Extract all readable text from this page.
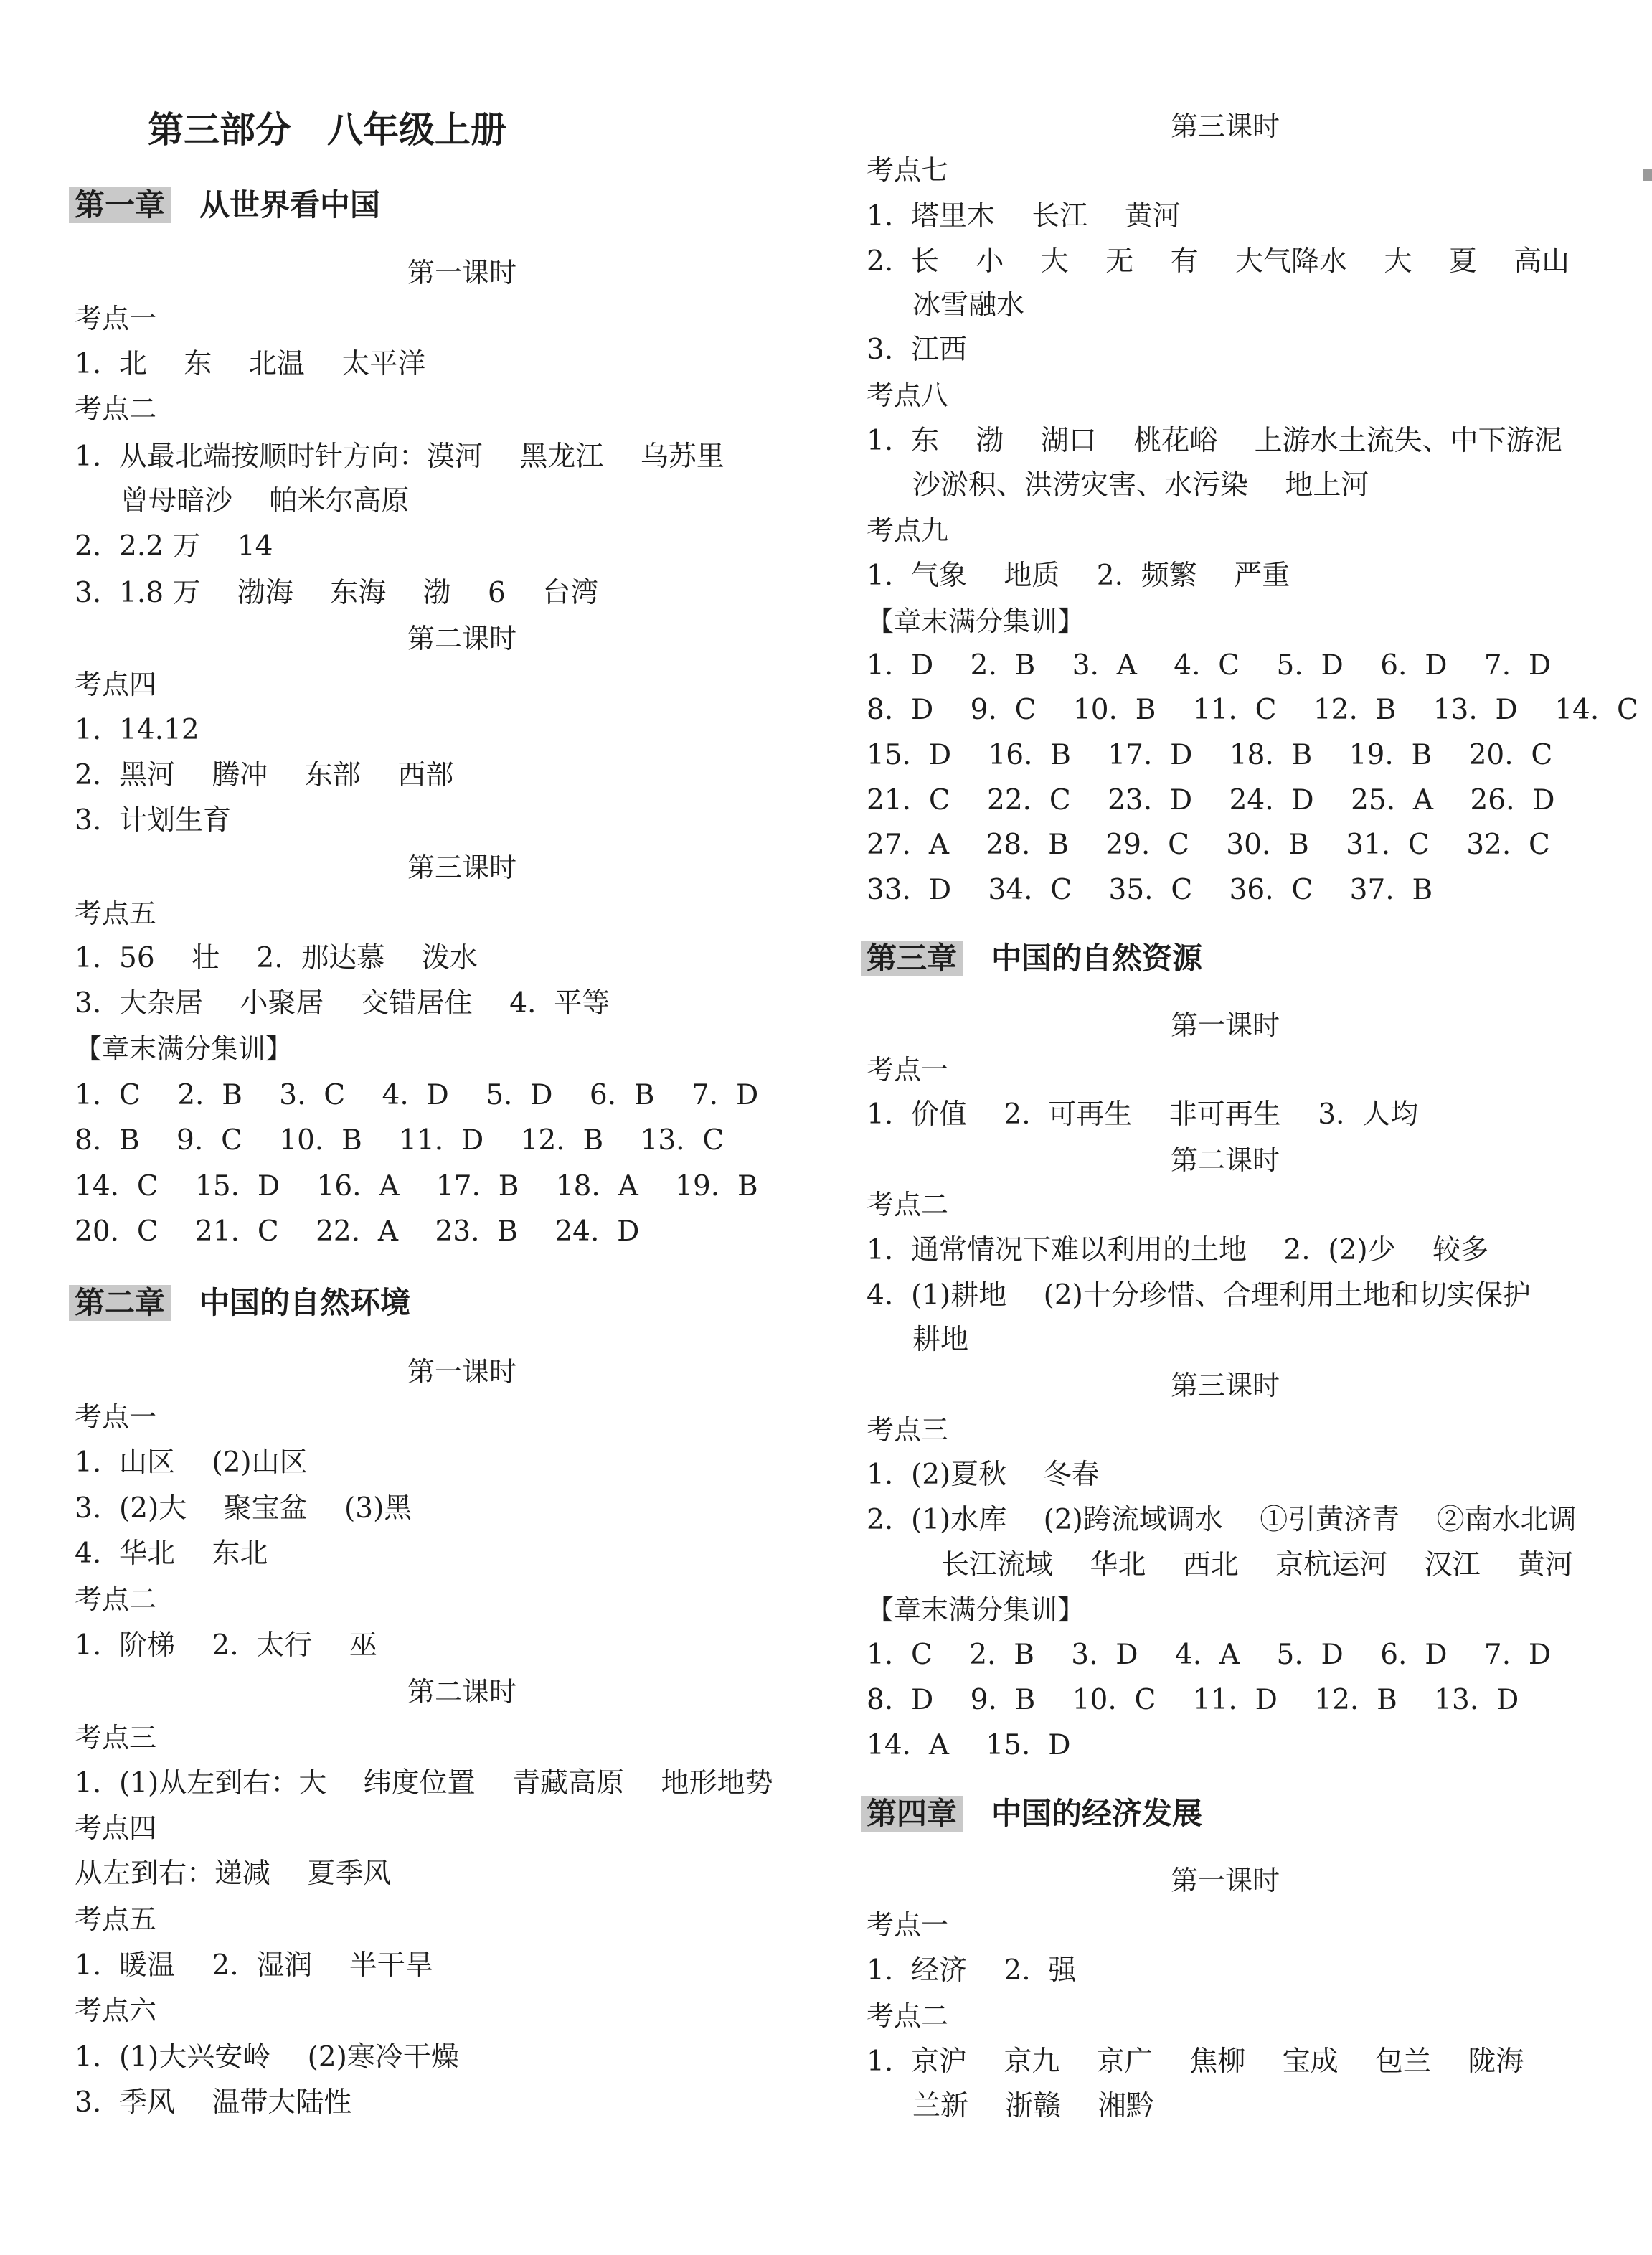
第三部分　八年级上册
第一章 从世界看中国
第一课时
考点一
1.  北　 东　 北温　 太平洋
考点二
1.  从最北端按顺时针方向：漠河　 黑龙江　 乌苏里
曾母暗沙　 帕米尔高原
2.  2.2 万　 14
3.  1.8 万　 渤海　 东海　 渤　 6　 台湾
第二课时
考点四
1.  14.12
2.  黑河　 腾冲　 东部　 西部
3.  计划生育
第三课时
考点五
1.  56　 壮　 2.  那达慕　 泼水
3.  大杂居　 小聚居　 交错居住　 4.  平等
【章末满分集训】
1.  C　 2.  B　 3.  C　 4.  D　 5.  D　 6.  B　 7.  D
8.  B　 9.  C　 10.  B　 11.  D　 12.  B　 13.  C
14.  C　 15.  D　 16.  A　 17.  B　 18.  A　 19.  B
20.  C　 21.  C　 22.  A　 23.  B　 24.  D
第二章 中国的自然环境
第一课时
考点一
1.  山区　 (2)山区
3.  (2)大　 聚宝盆　 (3)黑
4.  华北　 东北
考点二
1.  阶梯　 2.  太行　 巫
第二课时
考点三
1.  (1)从左到右：大　 纬度位置　 青藏高原　 地形地势
考点四
从左到右：递减　 夏季风
考点五
1.  暖温　 2.  湿润　 半干旱
考点六
1.  (1)大兴安岭　 (2)寒冷干燥
3.  季风　 温带大陆性
第三课时
考点七
1.  塔里木　 长江　 黄河
2.  长　 小　 大　 无　 有　 大气降水　 大　 夏　 高山
冰雪融水
3.  江西
考点八
1.  东　 渤　 湖口　 桃花峪　 上游水土流失、中下游泥
沙淤积、洪涝灾害、水污染　 地上河
考点九
1.  气象　 地质　 2.  频繁　 严重
【章末满分集训】
1.  D　 2.  B　 3.  A　 4.  C　 5.  D　 6.  D　 7.  D
8.  D　 9.  C　 10.  B　 11.  C　 12.  B　 13.  D　 14.  C
15.  D　 16.  B　 17.  D　 18.  B　 19.  B　 20.  C
21.  C　 22.  C　 23.  D　 24.  D　 25.  A　 26.  D
27.  A　 28.  B　 29.  C　 30.  B　 31.  C　 32.  C
33.  D　 34.  C　 35.  C　 36.  C　 37.  B
第三章 中国的自然资源
第一课时
考点一
1.  价值　 2.  可再生　 非可再生　 3.  人均
第二课时
考点二
1.  通常情况下难以利用的土地　 2.  (2)少　 较多
4.  (1)耕地　 (2)十分珍惜、合理利用土地和切实保护
耕地
第三课时
考点三
1.  (2)夏秋　 冬春
2.  (1)水库　 (2)跨流域调水　 ①引黄济青　 ②南水北调
长江流域　 华北　 西北　 京杭运河　 汉江　 黄河
【章末满分集训】
1.  C　 2.  B　 3.  D　 4.  A　 5.  D　 6.  D　 7.  D
8.  D　 9.  B　 10.  C　 11.  D　 12.  B　 13.  D
14.  A　 15.  D
第四章 中国的经济发展
第一课时
考点一
1.  经济　 2.  强
考点二
1.  京沪　 京九　 京广　 焦柳　 宝成　 包兰　 陇海
兰新　 浙赣　 湘黔
